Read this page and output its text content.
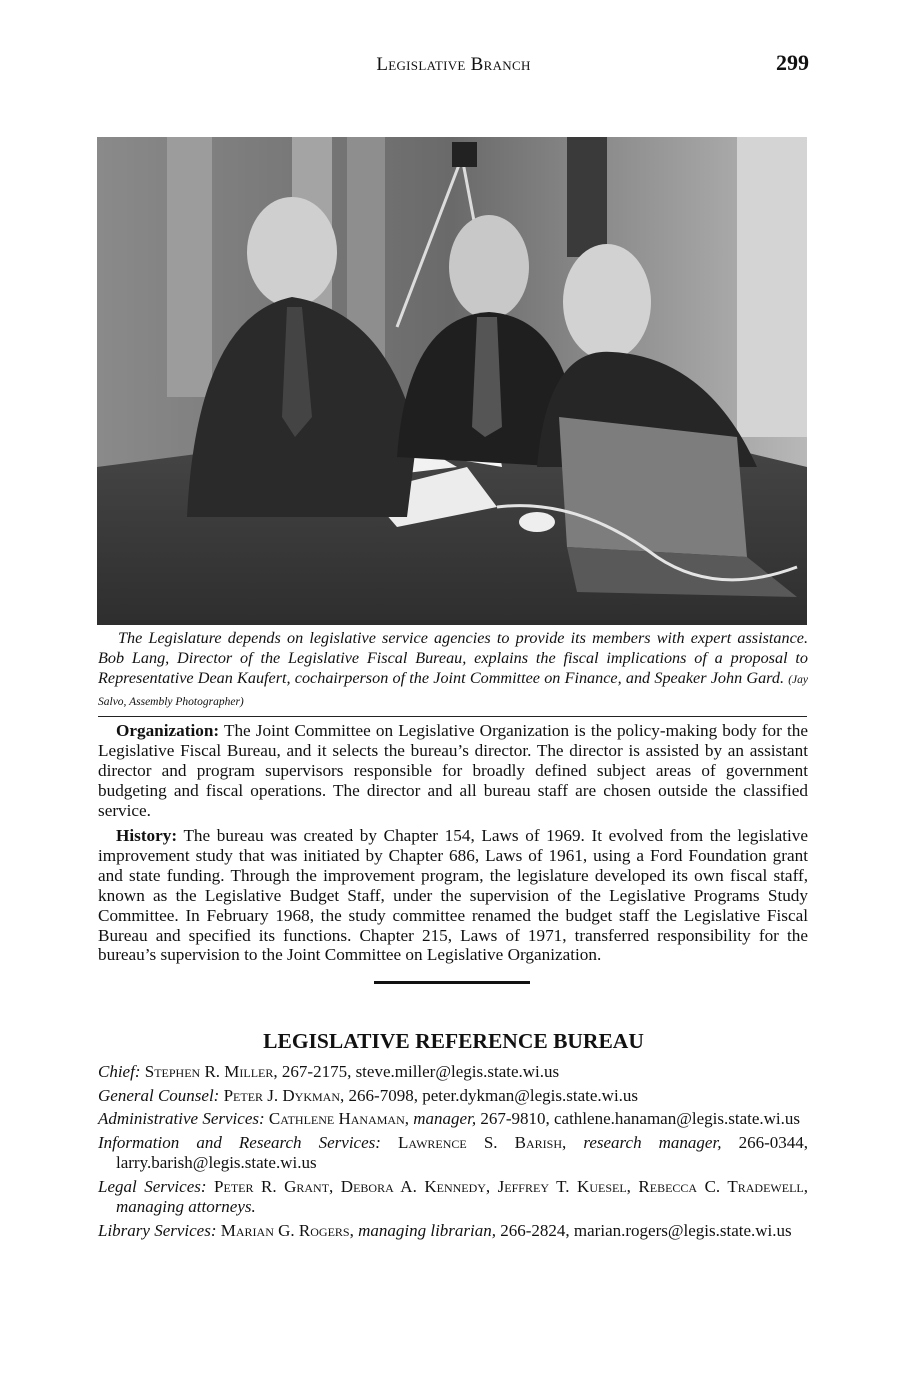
Legislative Branch	299
The Legislature depends on legislative service agencies to provide its members with expert assistance. Bob Lang, Director of the Legislative Fiscal Bureau, explains the fiscal implications of a proposal to Representative Dean Kaufert, cochairperson of the Joint Committee on Finance, and Speaker John Gard. (Jay Salvo, Assembly Photographer)

Organization: The Joint Committee on Legislative Organization is the policy-making body for the Legislative Fiscal Bureau, and it selects the bureau’s director. The director is assisted by an assistant director and program supervisors responsible for broadly defined subject areas of government budgeting and fiscal operations. The director and all bureau staff are chosen outside the classified service.

History: The bureau was created by Chapter 154, Laws of 1969. It evolved from the legislative improvement study that was initiated by Chapter 686, Laws of 1961, using a Ford Foundation grant and state funding. Through the improvement program, the legislature developed its own fiscal staff, known as the Legislative Budget Staff, under the supervision of the Legislative Programs Study Committee. In February 1968, the study committee renamed the budget staff the Legislative Fiscal Bureau and specified its functions. Chapter 215, Laws of 1971, transferred responsibility for the bureau’s supervision to the Joint Committee on Legislative Organization.

LEGISLATIVE REFERENCE BUREAU
Chief: Stephen R. Miller, 267-2175, steve.miller@legis.state.wi.us
General Counsel: Peter J. Dykman, 266-7098, peter.dykman@legis.state.wi.us
Administrative Services: Cathlene Hanaman, manager, 267-9810, cathlene.hanaman@legis.state.wi.us
Information and Research Services: Lawrence S. Barish, research manager, 266-0344, larry.barish@legis.state.wi.us
Legal Services: Peter R. Grant, Debora A. Kennedy, Jeffrey T. Kuesel, Rebecca C. Tradewell, managing attorneys.
Library Services: Marian G. Rogers, managing librarian, 266-2824, marian.rogers@legis.state.wi.us
